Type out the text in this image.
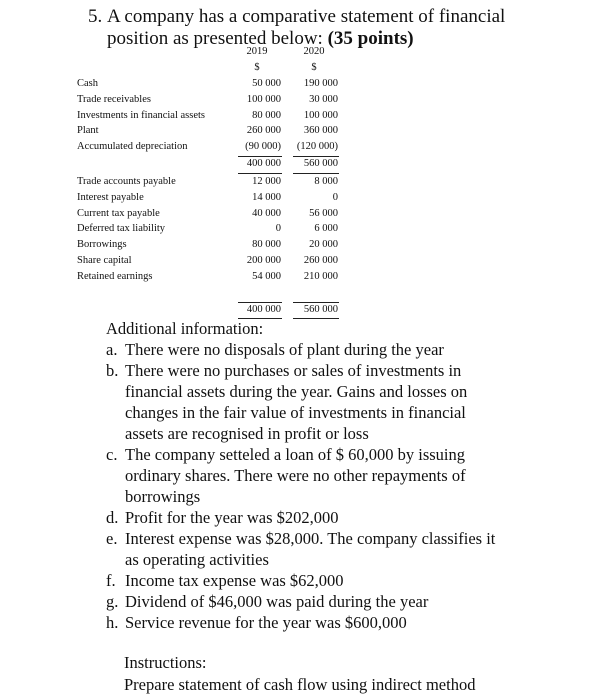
5. A company has a comparative statement of financial
position as presented below: (35 points)
2019	2020
$	$
Cash	50 000	190 000
Trade receivables	100 000	30 000
Investments in financial assets	80 000	100 000
Plant	260 000	360 000
Accumulated depreciation	(90 000)	(120 000)
400 000	560 000
Trade accounts payable	12 000	8 000
Interest payable	14 000	0
Current tax payable	40 000	56 000
Deferred tax liability	0	6 000
Borrowings	80 000	20 000
Share capital	200 000	260 000
Retained earnings	54 000	210 000
400 000	560 000
Additional information:
a. There were no disposals of plant during the year
b. There were no purchases or sales of investments in
financial assets during the year. Gains and losses on
changes in the fair value of investments in financial
assets are recognised in profit or loss
c. The company setteled a loan of $ 60,000 by issuing
ordinary shares. There were no other repayments of
borrowings
d. Profit for the year was $202,000
e. Interest expense was $28,000. The company classifies it
as operating activities
f. Income tax expense was $62,000
g. Dividend of $46,000 was paid during the year
h. Service revenue for the year was $600,000
Instructions:
Prepare statement of cash flow using indirect method
